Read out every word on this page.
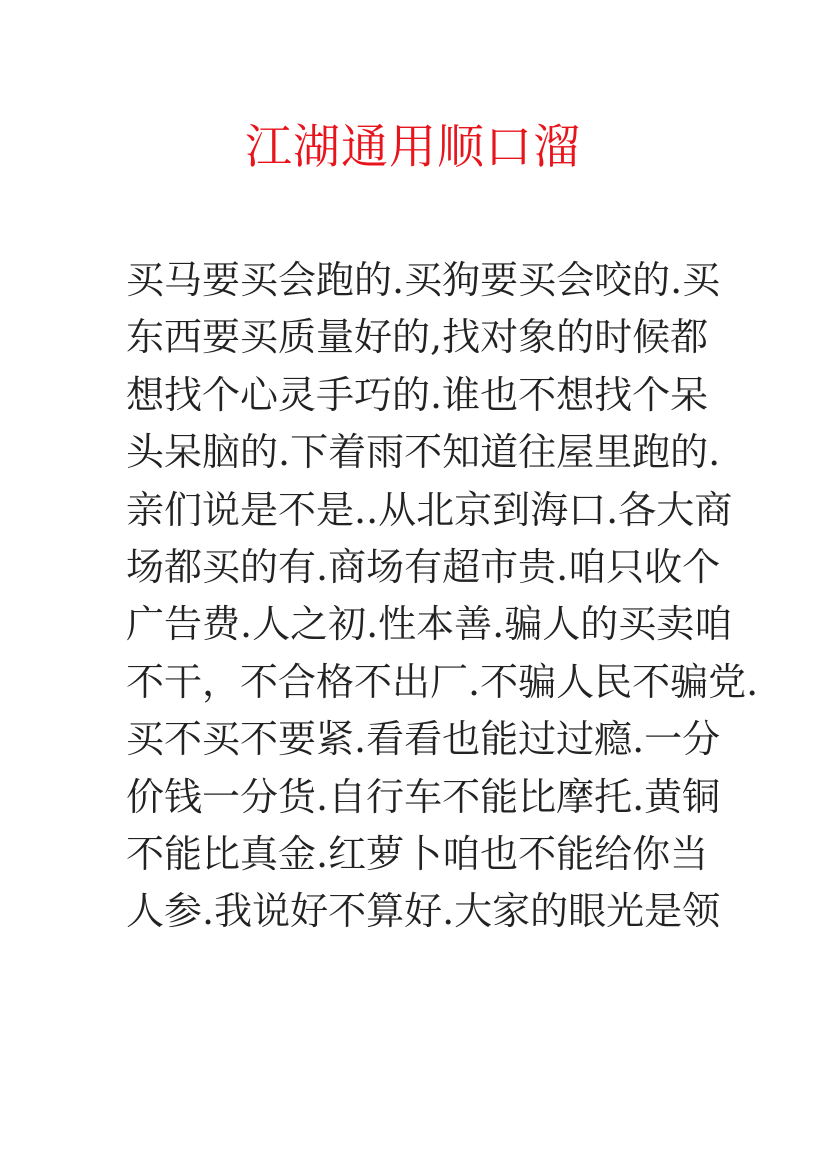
江湖通用顺口溜
买马要买会跑的.买狗要买会咬的.买
东西要买质量好的,找对象的时候都
想找个心灵手巧的.谁也不想找个呆
头呆脑的.下着雨不知道往屋里跑的.
亲们说是不是..从北京到海口.各大商
场都买的有.商场有超市贵.咱只收个
广告费.人之初.性本善.骗人的买卖咱
不干，不合格不出厂.不骗人民不骗党.
买不买不要紧.看看也能过过瘾.一分
价钱一分货.自行车不能比摩托.黄铜
不能比真金.红萝卜咱也不能给你当
人参.我说好不算好.大家的眼光是领
